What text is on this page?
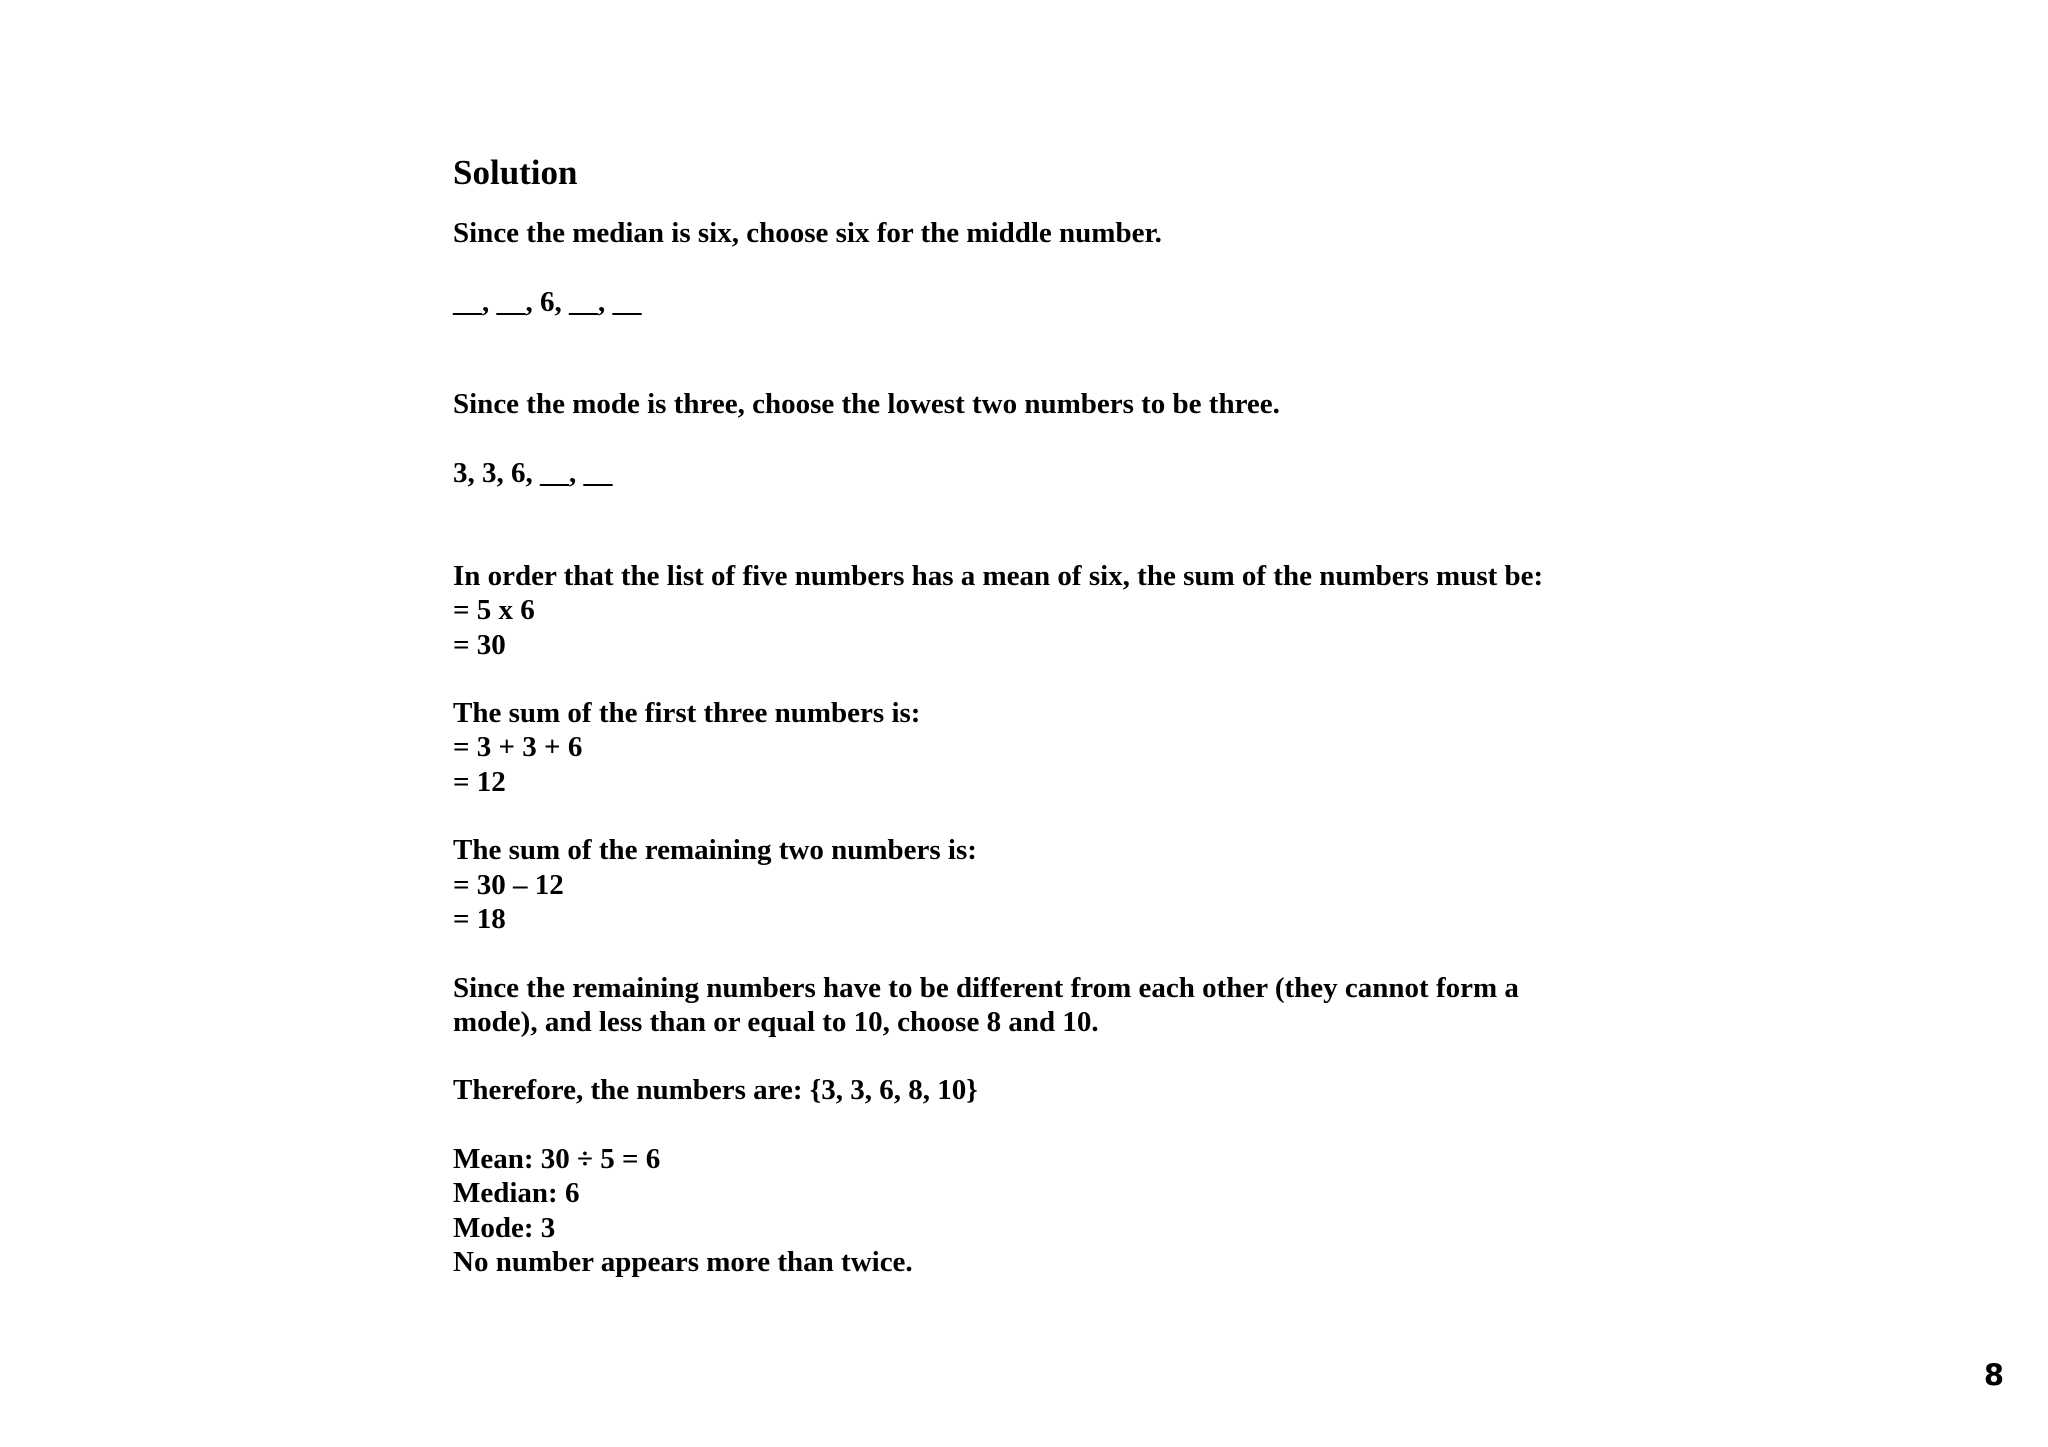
Solution
Since the median is six, choose six for the middle number.
__, __, 6, __, __
Since the mode is three, choose the lowest two numbers to be three.
3, 3, 6, __, __
In order that the list of five numbers has a mean of six, the sum of the numbers must be:
= 5 x 6
= 30
The sum of the first three numbers is:
= 3 + 3 + 6
= 12
The sum of the remaining two numbers is:
= 30 – 12
= 18
Since the remaining numbers have to be different from each other (they cannot form a
mode), and less than or equal to 10, choose 8 and 10.
Therefore, the numbers are: {3, 3, 6, 8, 10}
Mean: 30 ÷ 5 = 6
Median: 6
Mode: 3
No number appears more than twice.
8
